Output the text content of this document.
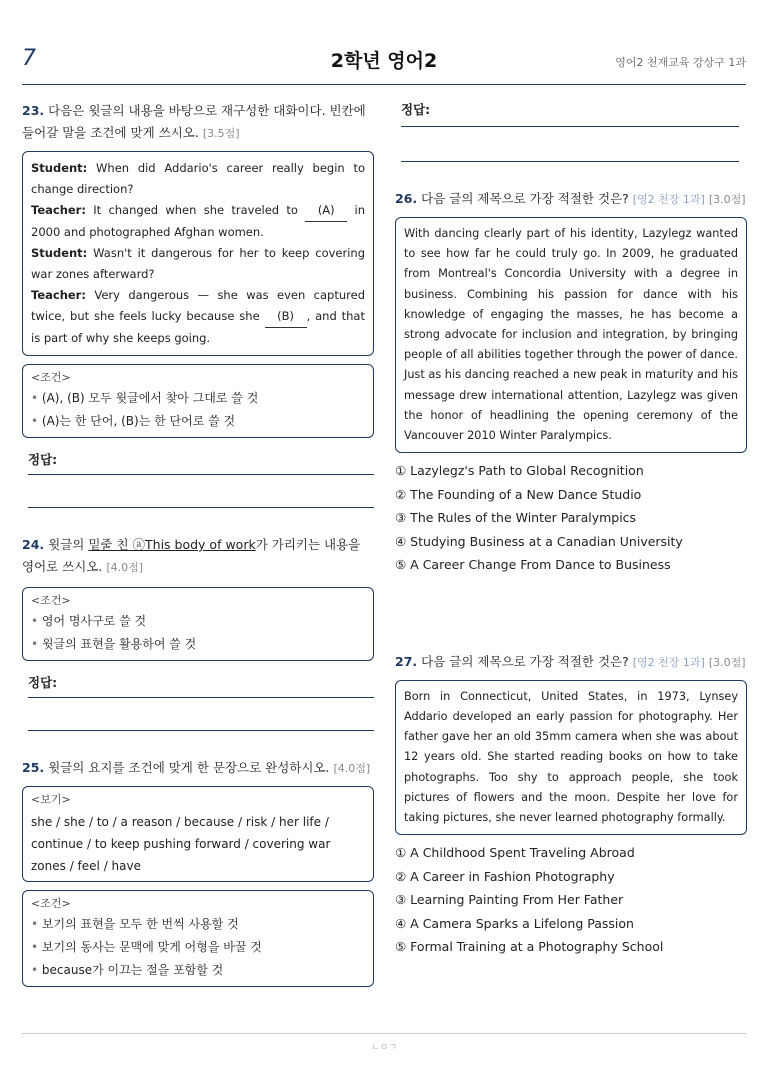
7	2학년 영어2	영어2 천재교육 강상구 1과

23. 다음은 윗글의 내용을 바탕으로 재구성한 대화이다. 빈칸에 들어갈 말을 조건에 맞게 쓰시오. [3.5점]

Student: When did Addario's career really begin to change direction?

Teacher: It changed when she traveled to (A) in 2000 and photographed Afghan women.

Student: Wasn't it dangerous for her to keep covering war zones afterward?

Teacher: Very dangerous — she was even captured twice, but she feels lucky because she (B) , and that is part of why she keeps going.

<조건>
• (A), (B) 모두 윗글에서 찾아 그대로 쓸 것
• (A)는 한 단어, (B)는 한 단어로 쓸 것

정답:

24. 윗글의 밑줄 친 ⓐThis body of work가 가리키는 내용을 영어로 쓰시오. [4.0점]

<조건>
• 영어 명사구로 쓸 것
• 윗글의 표현을 활용하여 쓸 것

정답:

25. 윗글의 요지를 조건에 맞게 한 문장으로 완성하시오. [4.0점]

<보기>

she / she / to / a reason / because / risk / her life / continue / to keep pushing forward / covering war zones / feel / have

<조건>
• 보기의 표현을 모두 한 번씩 사용할 것
• 보기의 동사는 문맥에 맞게 어형을 바꿀 것
• because가 이끄는 절을 포함할 것

정답:

26. 다음 글의 제목으로 가장 적절한 것은? [영2 천장 1과] [3.0점]

With dancing clearly part of his identity, Lazylegz wanted to see how far he could truly go. In 2009, he graduated from Montreal's Concordia University with a degree in business. Combining his passion for dance with his knowledge of engaging the masses, he has become a strong advocate for inclusion and integration, by bringing people of all abilities together through the power of dance. Just as his dancing reached a new peak in maturity and his message drew international attention, Lazylegz was given the honor of headlining the opening ceremony of the Vancouver 2010 Winter Paralympics.

① Lazylegz's Path to Global Recognition
② The Founding of a New Dance Studio
③ The Rules of the Winter Paralympics
④ Studying Business at a Canadian University
⑤ A Career Change From Dance to Business

27. 다음 글의 제목으로 가장 적절한 것은? [영2 천장 1과] [3.0점]

Born in Connecticut, United States, in 1973, Lynsey Addario developed an early passion for photography. Her father gave her an old 35mm camera when she was about 12 years old. She started reading books on how to take photographs. Too shy to approach people, she took pictures of flowers and the moon. Despite her love for taking pictures, she never learned photography formally.

① A Childhood Spent Traveling Abroad
② A Career in Fashion Photography
③ Learning Painting From Her Father
④ A Camera Sparks a Lifelong Passion
⑤ Formal Training at a Photography School
ㄴㅇㄱ
